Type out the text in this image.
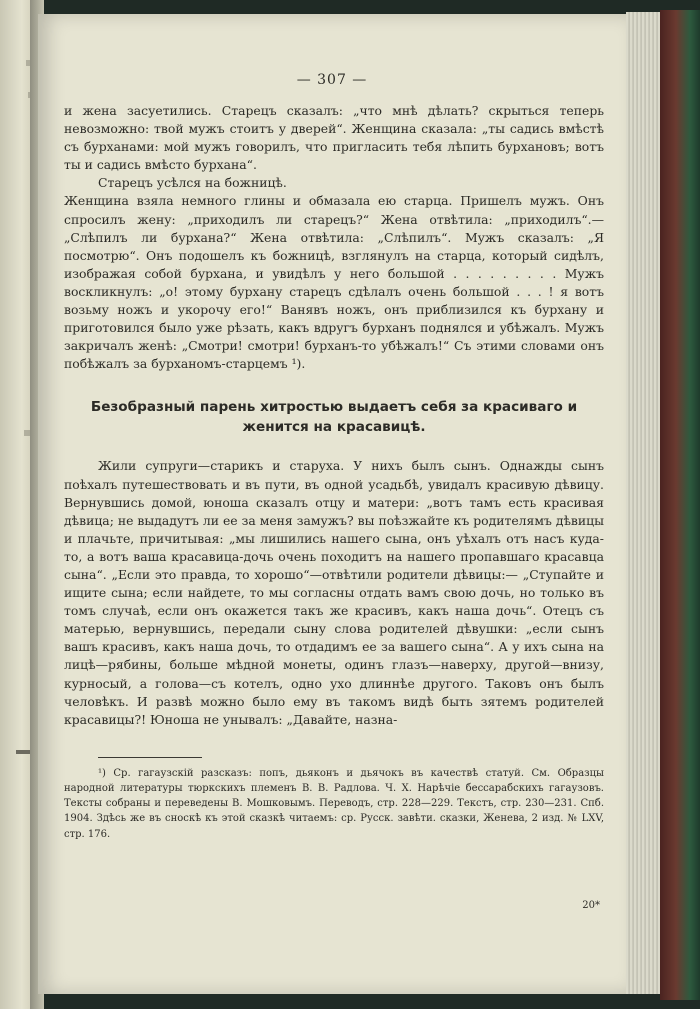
— 307 —

и жена засуетились. Старецъ сказалъ: „что мнѣ дѣлать? скрыться теперь невозможно: твой мужъ стоитъ у дверей“. Женщина сказала: „ты садись вмѣстѣ съ бурханами: мой мужъ говорилъ, что пригласить тебя лѣпить бурхановъ; вотъ ты и садись вмѣсто бурхана“.

Старецъ усѣлся на божницѣ.

Женщина взяла немного глины и обмазала ею старца. Пришелъ мужъ. Онъ спросилъ жену: „приходилъ ли старецъ?“ Жена отвѣтила: „приходилъ“.—„Слѣпилъ ли бурхана?“ Жена отвѣтила: „Слѣпилъ“. Мужъ сказалъ: „Я посмотрю“. Онъ подошелъ къ божницѣ, взглянулъ на старца, который сидѣлъ, изображая собой бурхана, и увидѣлъ у него большой . . . . . . . . . Мужъ воскликнулъ: „о! этому бурхану старецъ сдѣлалъ очень большой . . . ! я вотъ возьму ножъ и укорочу его!“ Ванявъ ножъ, онъ приблизился къ бурхану и приготовился было уже рѣзать, какъ вдругъ бурханъ поднялся и убѣжалъ. Мужъ закричалъ женѣ: „Смотри! смотри! бурханъ-то убѣжалъ!“ Съ этими словами онъ побѣжалъ за бурханомъ-старцемъ ¹).

Безобразный парень хитростью выдаетъ себя за красиваго и женится на красавицѣ.

Жили супруги—старикъ и старуха. У нихъ былъ сынъ. Однажды сынъ поѣхалъ путешествовать и въ пути, въ одной усадьбѣ, увидалъ красивую дѣвицу. Вернувшись домой, юноша сказалъ отцу и матери: „вотъ тамъ есть красивая дѣвица; не выдадутъ ли ее за меня замужъ? вы поѣзжайте къ родителямъ дѣвицы и плачьте, причитывая: „мы лишились нашего сына, онъ уѣхалъ отъ насъ куда-то, а вотъ ваша красавица-дочь очень походитъ на нашего пропавшаго красавца сына“. „Если это правда, то хорошо“—отвѣтили родители дѣвицы:— „Ступайте и ищите сына; если найдете, то мы согласны отдать вамъ свою дочь, но только въ томъ случаѣ, если онъ окажется такъ же красивъ, какъ наша дочь“. Отецъ съ матерью, вернувшись, передали сыну слова родителей дѣвушки: „если сынъ вашъ красивъ, какъ наша дочь, то отдадимъ ее за вашего сына“. А у ихъ сына на лицѣ—рябины, больше мѣдной монеты, одинъ глазъ—наверху, другой—внизу, курносый, а голова—съ котелъ, одно ухо длиннѣе другого. Таковъ онъ былъ человѣкъ. И развѣ можно было ему въ такомъ видѣ быть зятемъ родителей красавицы?! Юноша не унывалъ: „Давайте, назна-

¹) Ср. гагаузскій разсказъ: попъ, дьяконъ и дьячокъ въ качествѣ статуй. См. Образцы народной литературы тюркскихъ племенъ В. В. Радлова. Ч. Х. Нарѣчіе бессарабскихъ гагаузовъ. Тексты собраны и переведены В. Мошковымъ. Переводъ, стр. 228—229. Текстъ, стр. 230—231. Спб. 1904. Здѣсь же въ сноскѣ къ этой сказкѣ читаемъ: ср. Русск. завѣти. сказки, Женева, 2 изд. № LXV, стр. 176.

20*
